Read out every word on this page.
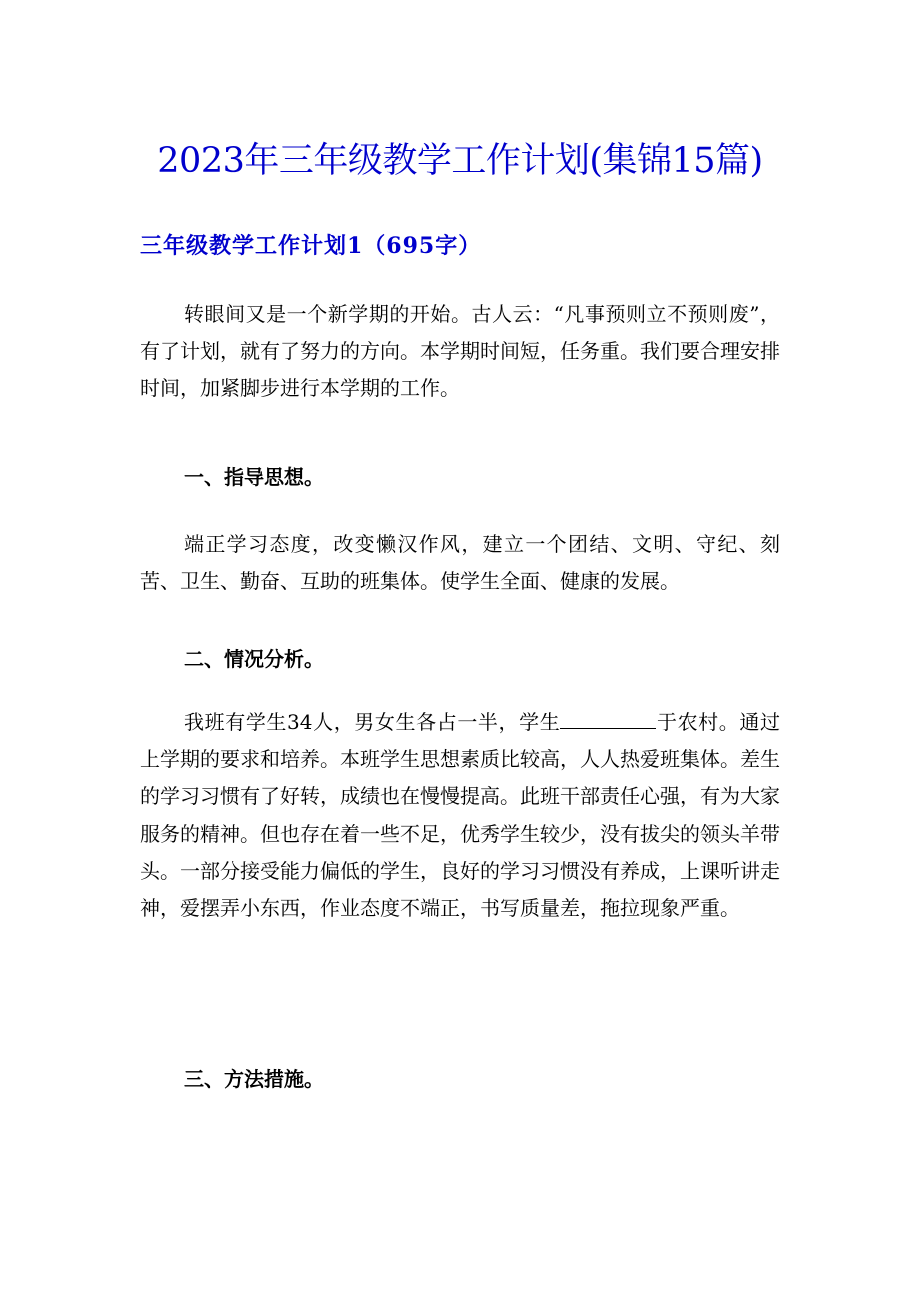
2023年三年级教学工作计划(集锦15篇)
三年级教学工作计划1（695字）

转眼间又是一个新学期的开始。古人云：“凡事预则立不预则废”，有了计划，就有了努力的方向。本学期时间短，任务重。我们要合理安排时间，加紧脚步进行本学期的工作。

一、指导思想。

端正学习态度，改变懒汉作风，建立一个团结、文明、守纪、刻苦、卫生、勤奋、互助的班集体。使学生全面、健康的发展。

二、情况分析。

我班有学生34人，男女生各占一半，学生	于农村。通过上学期的要求和培养。本班学生思想素质比较高，人人热爱班集体。差生的学习习惯有了好转，成绩也在慢慢提高。此班干部责任心强，有为大家服务的精神。但也存在着一些不足，优秀学生较少，没有拔尖的领头羊带头。一部分接受能力偏低的学生，良好的学习习惯没有养成，上课听讲走神，爱摆弄小东西，作业态度不端正，书写质量差，拖拉现象严重。

三、方法措施。
